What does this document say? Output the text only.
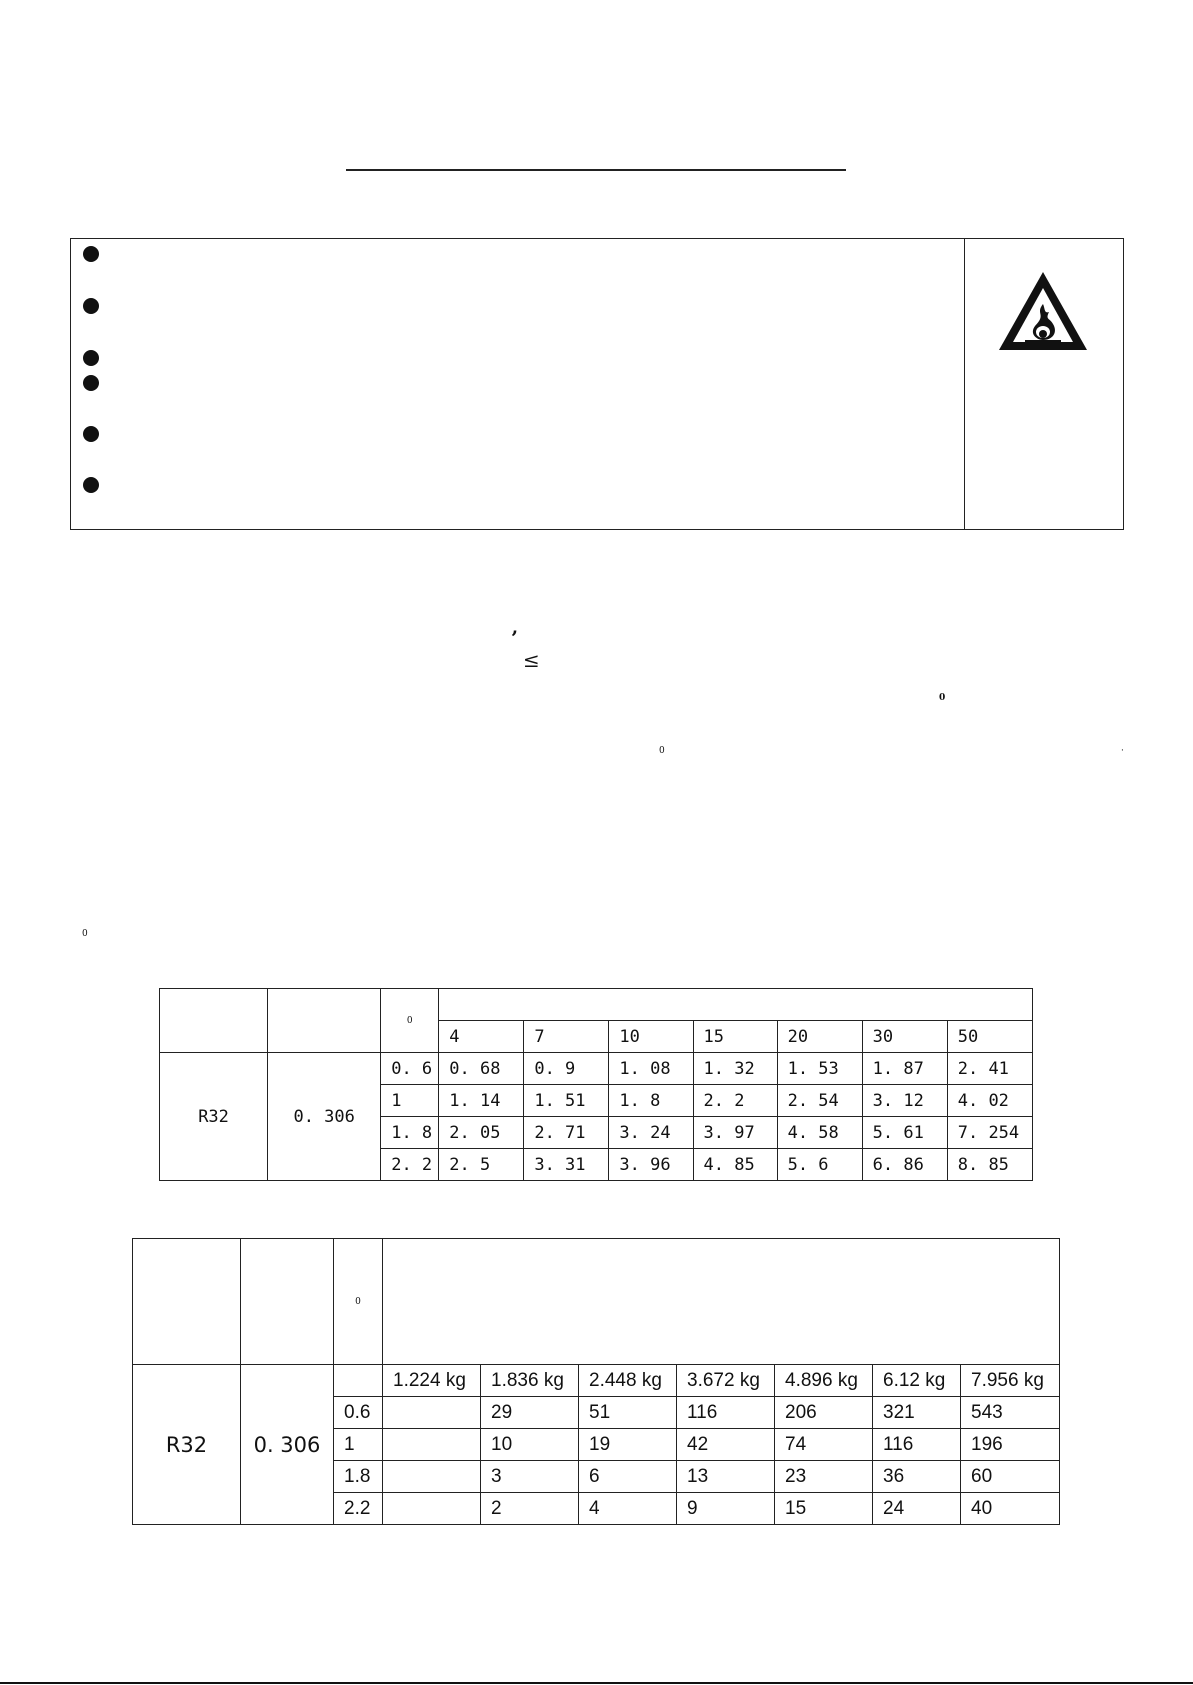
’
≤
0
0	·
0
		0							
			4	7	10	15	20	30	50
R32	0. 306	0. 6	0. 68	0. 9	1. 08	1. 32	1. 53	1. 87	2. 41
		1	1. 14	1. 51	1. 8	2. 2	2. 54	3. 12	4. 02
		1. 8	2. 05	2. 71	3. 24	3. 97	4. 58	5. 61	7. 254
		2. 2	2. 5	3. 31	3. 96	4. 85	5. 6	6. 86	8. 85
		0							
R32	0. 306		1.224 kg	1.836 kg	2.448 kg	3.672 kg	4.896 kg	6.12 kg	7.956 kg
		0.6		29	51	116	206	321	543
		1		10	19	42	74	116	196
		1.8		3	6	13	23	36	60
		2.2		2	4	9	15	24	40
